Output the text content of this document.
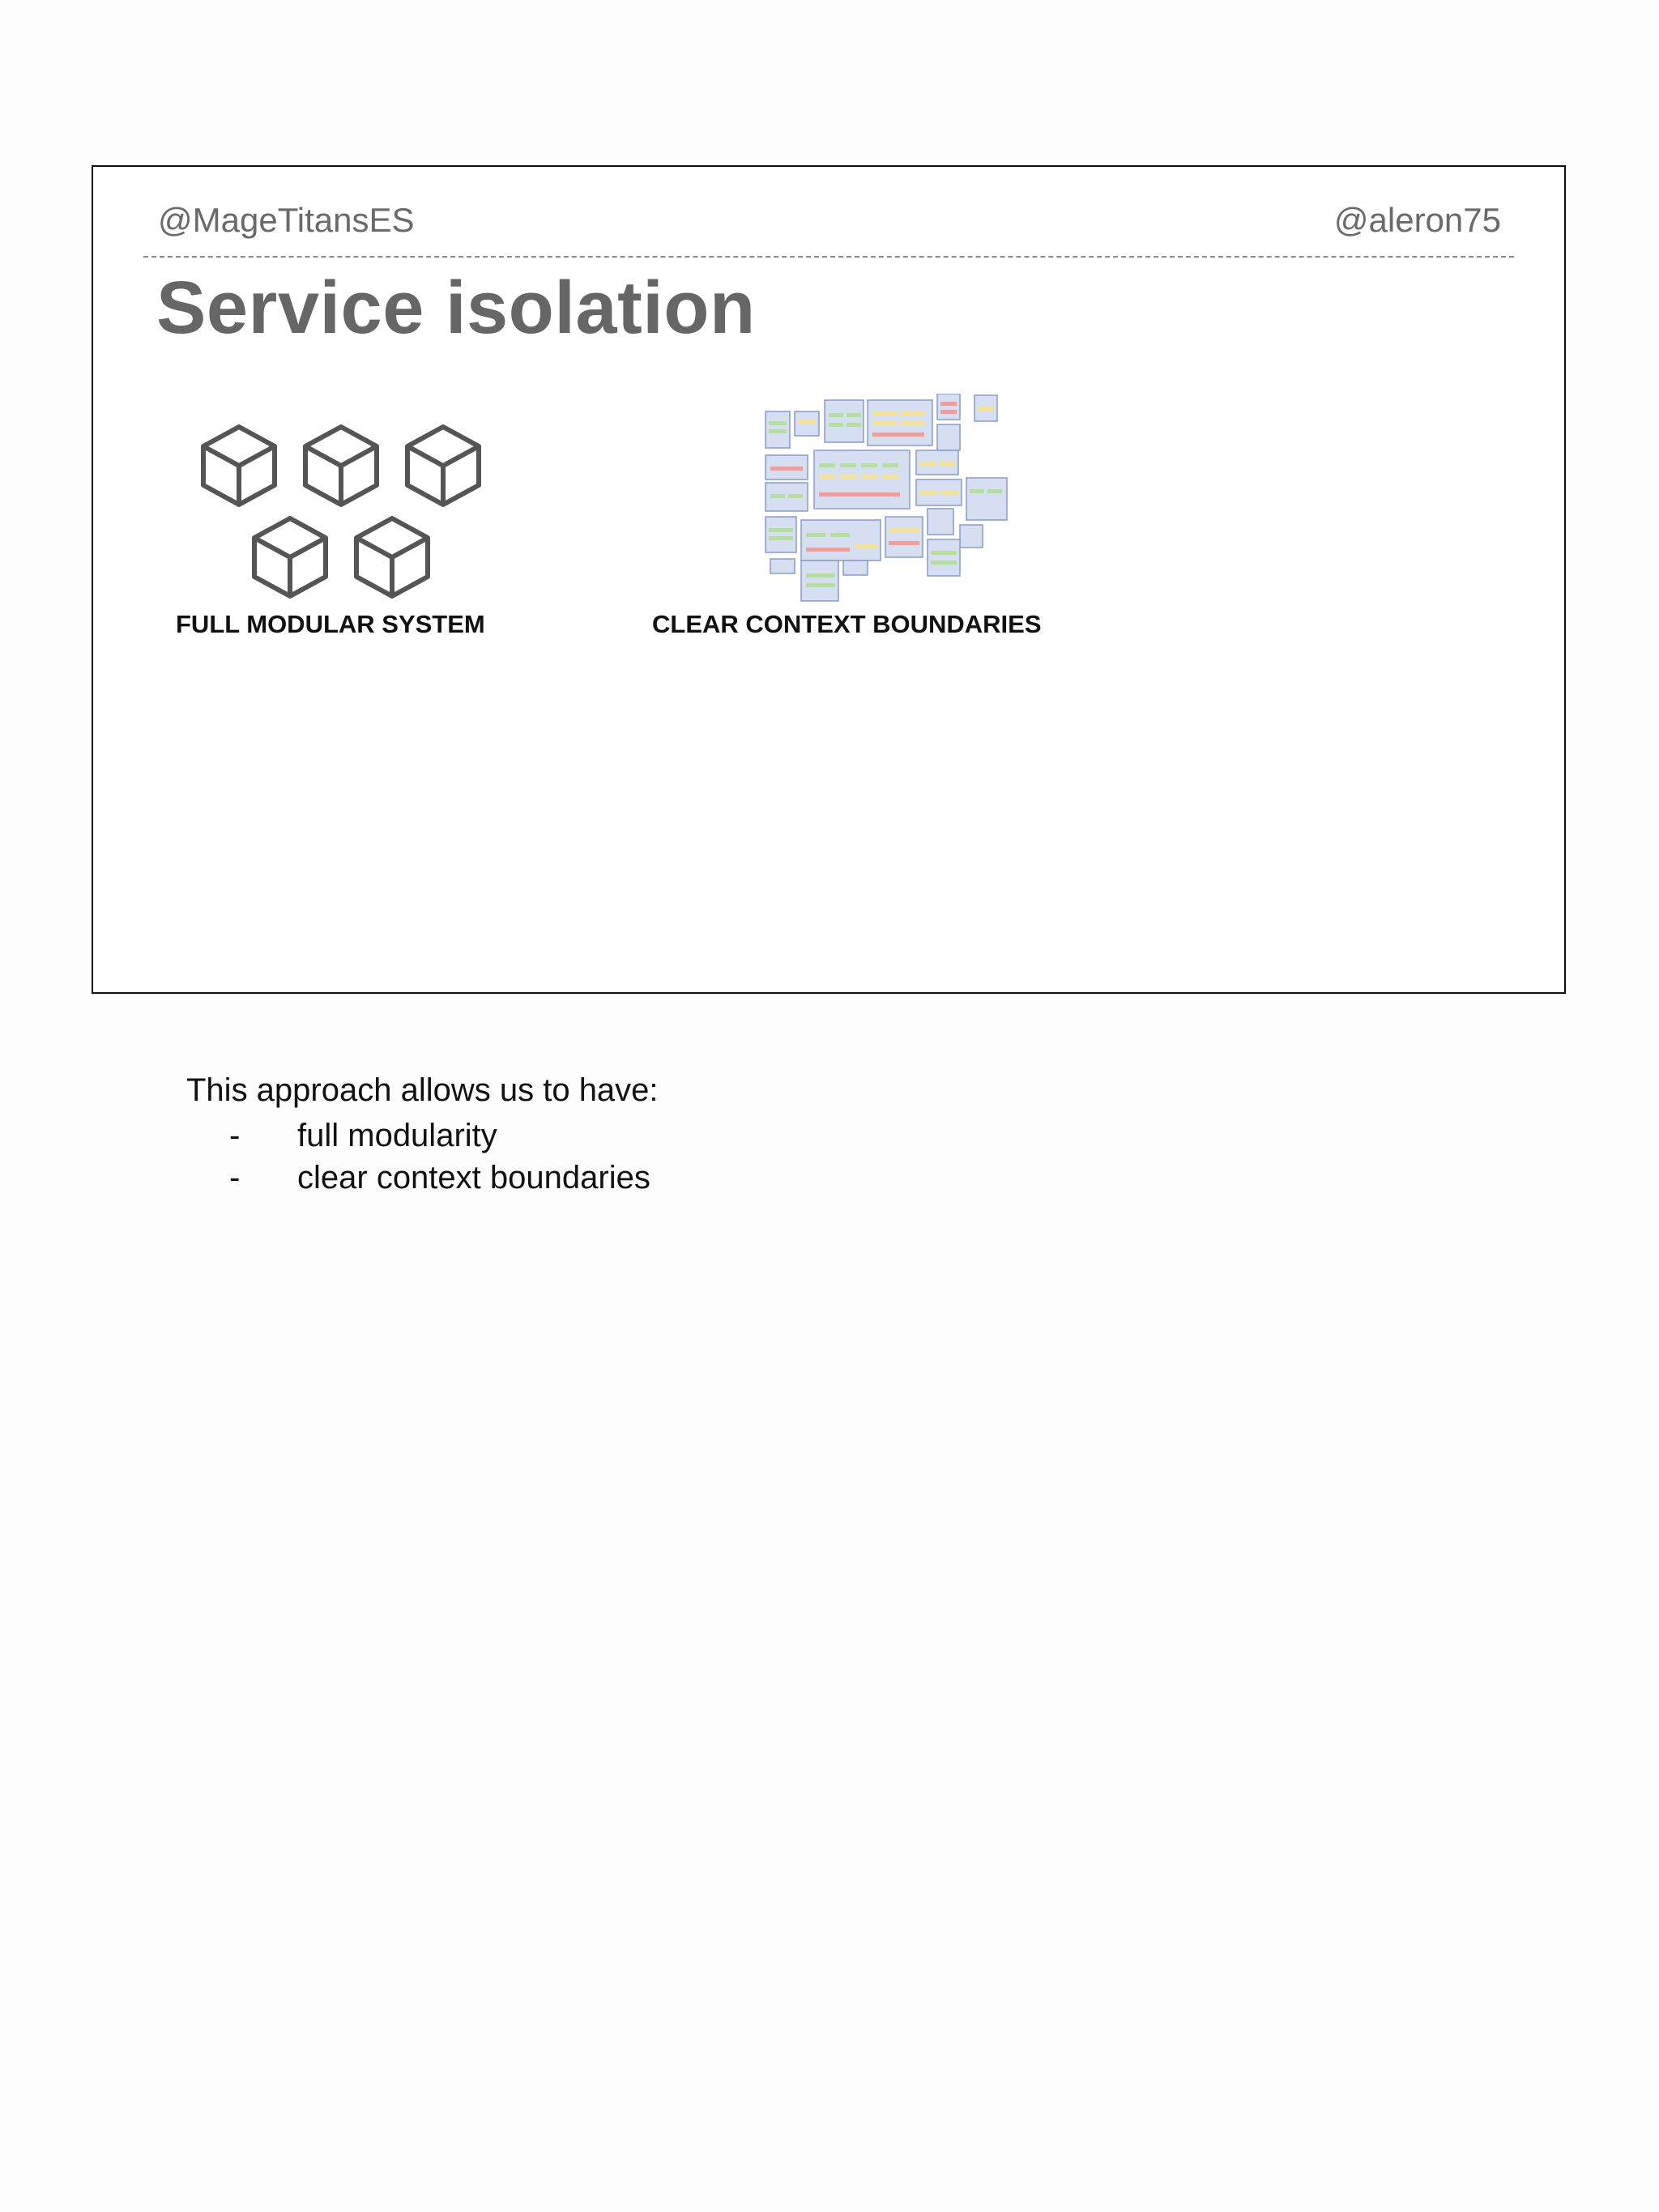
@MageTitansES	@aleron75
Service isolation
FULL MODULAR SYSTEM	CLEAR CONTEXT BOUNDARIES

This approach allows us to have:

- full modularity
- clear context boundaries
